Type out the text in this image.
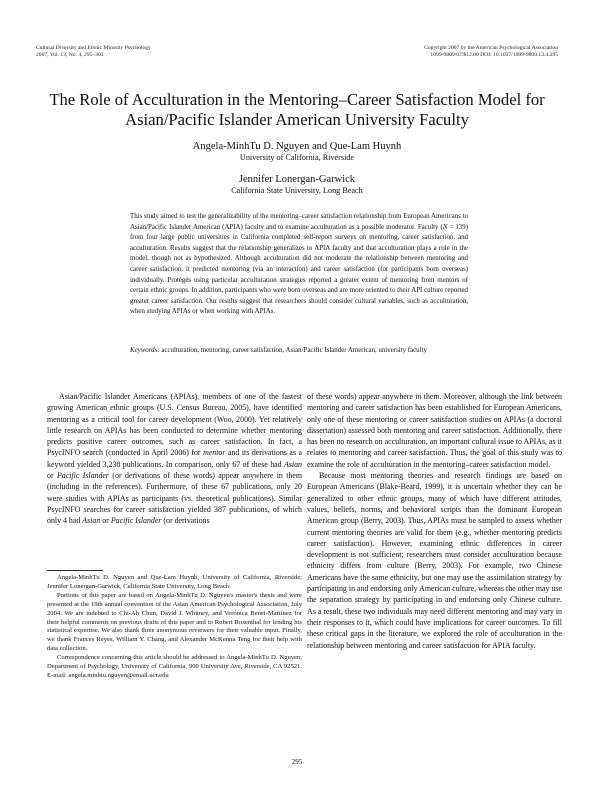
Cultural Diversity and Ethnic Minority Psychology
2007, Vol. 13, No. 4, 295–303
Copyright 2007 by the American Psychological Association
1099-9809/07/$12.00 DOI: 10.1037/1099-9809.13.4.295
The Role of Acculturation in the Mentoring–Career Satisfaction Model for
Asian/Pacific Islander American University Faculty
Angela-MinhTu D. Nguyen and Que-Lam Huynh
University of California, Riverside
Jennifer Lonergan-Garwick
California State University, Long Beach
This study aimed to test the generalizability of the mentoring–career satisfaction relationship from European Americans to Asian/Pacific Islander American (APIA) faculty and to examine acculturation as a possible moderator. Faculty (N = 139) from four large public universities in California completed self-report surveys on mentoring, career satisfaction, and acculturation. Results suggest that the relationship generalizes to APIA faculty and that acculturation plays a role in the model, though not as hypothesized. Although acculturation did not moderate the relationship between mentoring and career satisfaction, it predicted mentoring (via an interaction) and career satisfaction (for participants born overseas) individually. Protégés using particular acculturation strategies reported a greater extent of mentoring from mentors of certain ethnic groups. In addition, participants who were born overseas and are more oriented to their API culture reported greater career satisfaction. Our results suggest that researchers should consider cultural variables, such as acculturation, when studying APIAs or when working with APIAs.
Keywords: acculturation, mentoring, career satisfaction, Asian/Pacific Islander American, university faculty

Asian/Pacific Islander Americans (APIAs), members of one of the fastest growing American ethnic groups (U.S. Census Bureau, 2005), have identified mentoring as a critical tool for career development (Woo, 2000). Yet relatively little research on APIAs has been conducted to determine whether mentoring predicts positive career outcomes, such as career satisfaction. In fact, a PsycINFO search (conducted in April 2006) for mentor and its derivations as a keyword yielded 3,238 publications. In comparison, only 67 of these had Asian or Pacific Islander (or derivations of these words) appear anywhere in them (including in the references). Furthermore, of these 67 publications, only 20 were studies with APIAs as participants (vs. theoretical publications). Similar PsycINFO searches for career satisfaction yielded 387 publications, of which only 4 had Asian or Pacific Islander (or derivations

Angela-MinhTu D. Nguyen and Que-Lam Huynh, University of California, Riverside; Jennifer Lonergan-Garwick, California State University, Long Beach.

Portions of this paper are based on Angela-MinhTu D. Nguyen's master's thesis and were presented at the 19th annual convention of the Asian American Psychological Association, July 2004. We are indebted to Chi-Ah Chun, David J. Whitney, and Verónica Benet-Martínez for their helpful comments on previous drafts of this paper and to Robert Rosenthal for lending his statistical expertise. We also thank three anonymous reviewers for their valuable input. Finally, we thank Frances Reyes, William Y. Chang, and Alexander McKenna Teng for their help with data collection.

Correspondence concerning this article should be addressed to Angela-MinhTu D. Nguyen, Department of Psychology, University of California, 900 University Ave, Riverside, CA 92521. E-mail: angela.minhtu.nguyen@email.ucr.edu

of these words) appear anywhere in them. Moreover, although the link between mentoring and career satisfaction has been established for European Americans, only one of these mentoring or career satisfaction studies on APIAs (a doctoral dissertation) assessed both mentoring and career satisfaction. Additionally, there has been no research on acculturation, an important cultural issue to APIAs, as it relates to mentoring and career satisfaction. Thus, the goal of this study was to examine the role of acculturation in the mentoring–career satisfaction model.

Because most mentoring theories and research findings are based on European Americans (Blake-Beard, 1999), it is uncertain whether they can be generalized to other ethnic groups, many of which have different attitudes, values, beliefs, norms, and behavioral scripts than the dominant European American group (Berry, 2003). Thus, APIAs must be sampled to assess whether current mentoring theories are valid for them (e.g., whether mentoring predicts career satisfaction). However, examining ethnic differences in career development is not sufficient; researchers must consider acculturation because ethnicity differs from culture (Berry, 2003). For example, two Chinese Americans have the same ethnicity, but one may use the assimilation strategy by participating in and endorsing only American culture, whereas the other may use the separation strategy by participating in and endorsing only Chinese culture. As a result, these two individuals may need different mentoring and may vary in their responses to it, which could have implications for career outcomes. To fill these critical gaps in the literature, we explored the role of acculturation in the relationship between mentoring and career satisfaction for APIA faculty.

295
